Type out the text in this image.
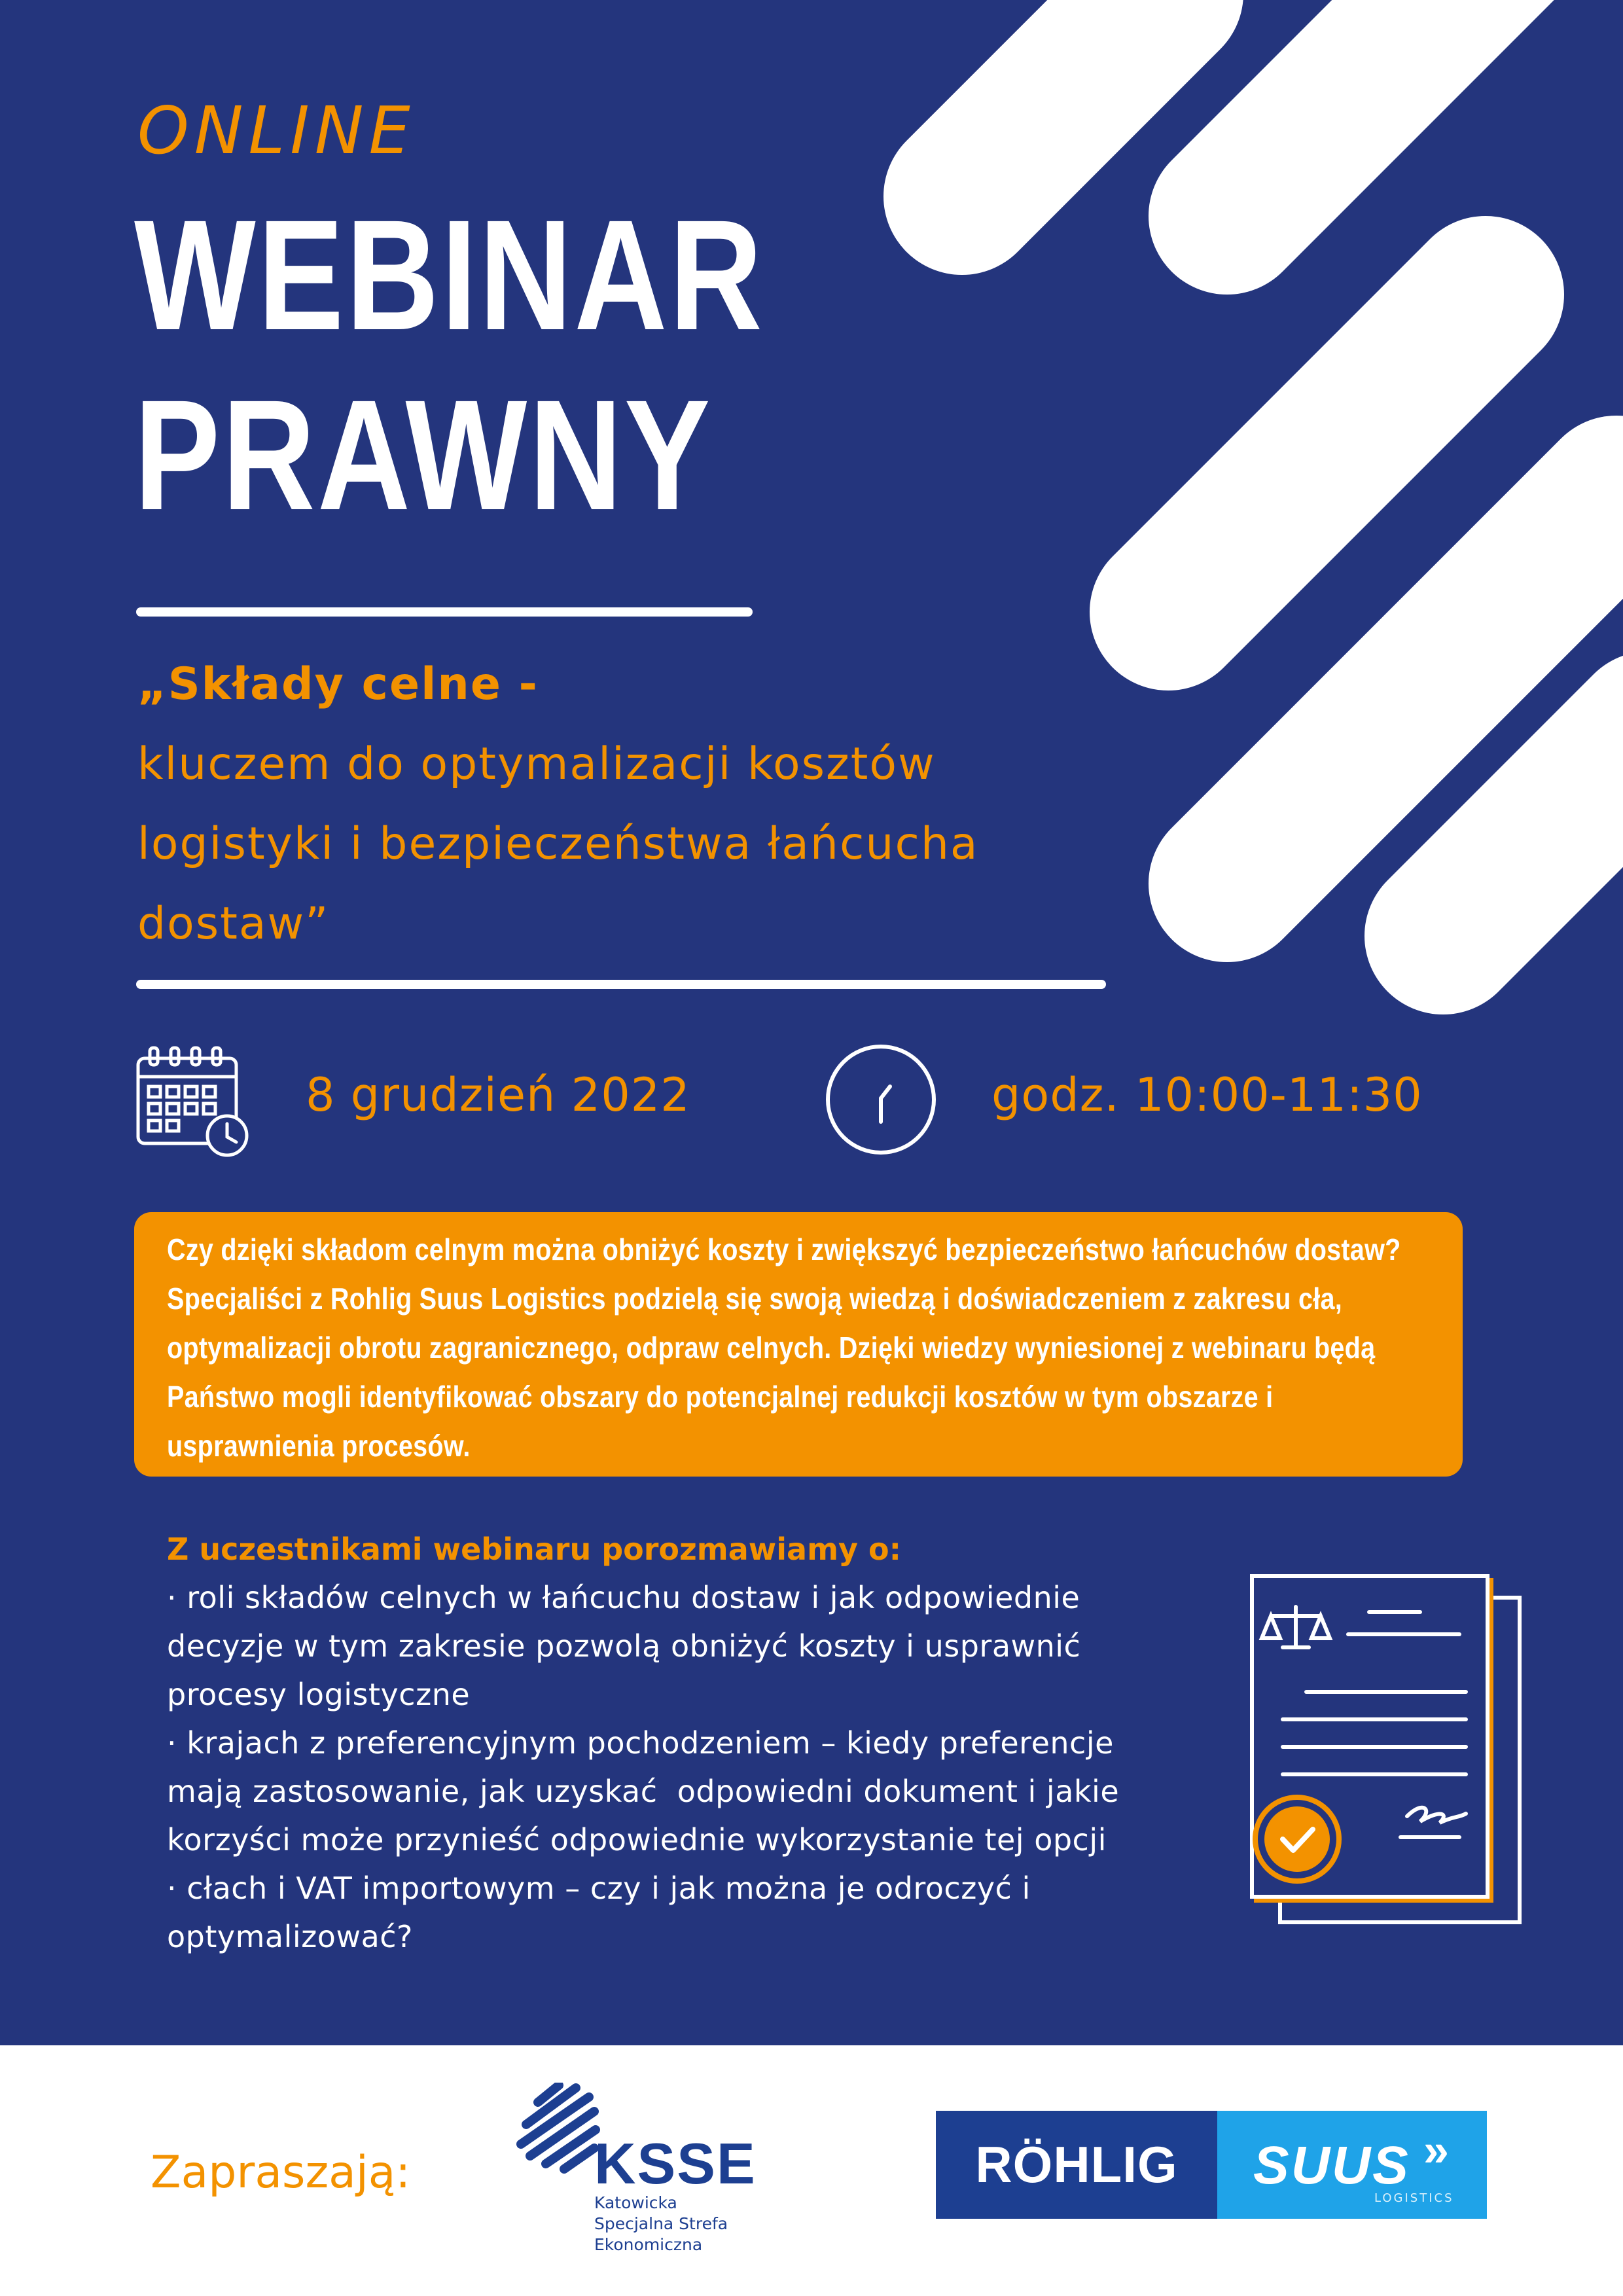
ONLINE
WEBINAR
PRAWNY
„Składy celne -
kluczem do optymalizacji kosztów
logistyki i bezpieczeństwa łańcucha
dostaw”
8 grudzień 2022	godz. 10:00-11:30

Czy dzięki składom celnym można obniżyć koszty i zwiększyć bezpieczeństwo łańcuchów dostaw? Specjaliści z Rohlig Suus Logistics podzielą się swoją wiedzą i doświadczeniem z zakresu cła, optymalizacji obrotu zagranicznego, odpraw celnych. Dzięki wiedzy wyniesionej z webinaru będą Państwo mogli identyfikować obszary do potencjalnej redukcji kosztów w tym obszarze i usprawnienia procesów.

Z uczestnikami webinaru porozmawiamy o:
· roli składów celnych w łańcuchu dostaw i jak odpowiednie
decyzje w tym zakresie pozwolą obniżyć koszty i usprawnić
procesy logistyczne
· krajach z preferencyjnym pochodzeniem – kiedy preferencje
mają zastosowanie, jak uzyskać  odpowiedni dokument i jakie
korzyści może przynieść odpowiednie wykorzystanie tej opcji
· cłach i VAT importowym – czy i jak można je odroczyć i
optymalizować?
Zapraszają:	KSSE
Katowicka
Specjalna Strefa
Ekonomiczna
RÖHLIG SUUS »
LOGISTICS
